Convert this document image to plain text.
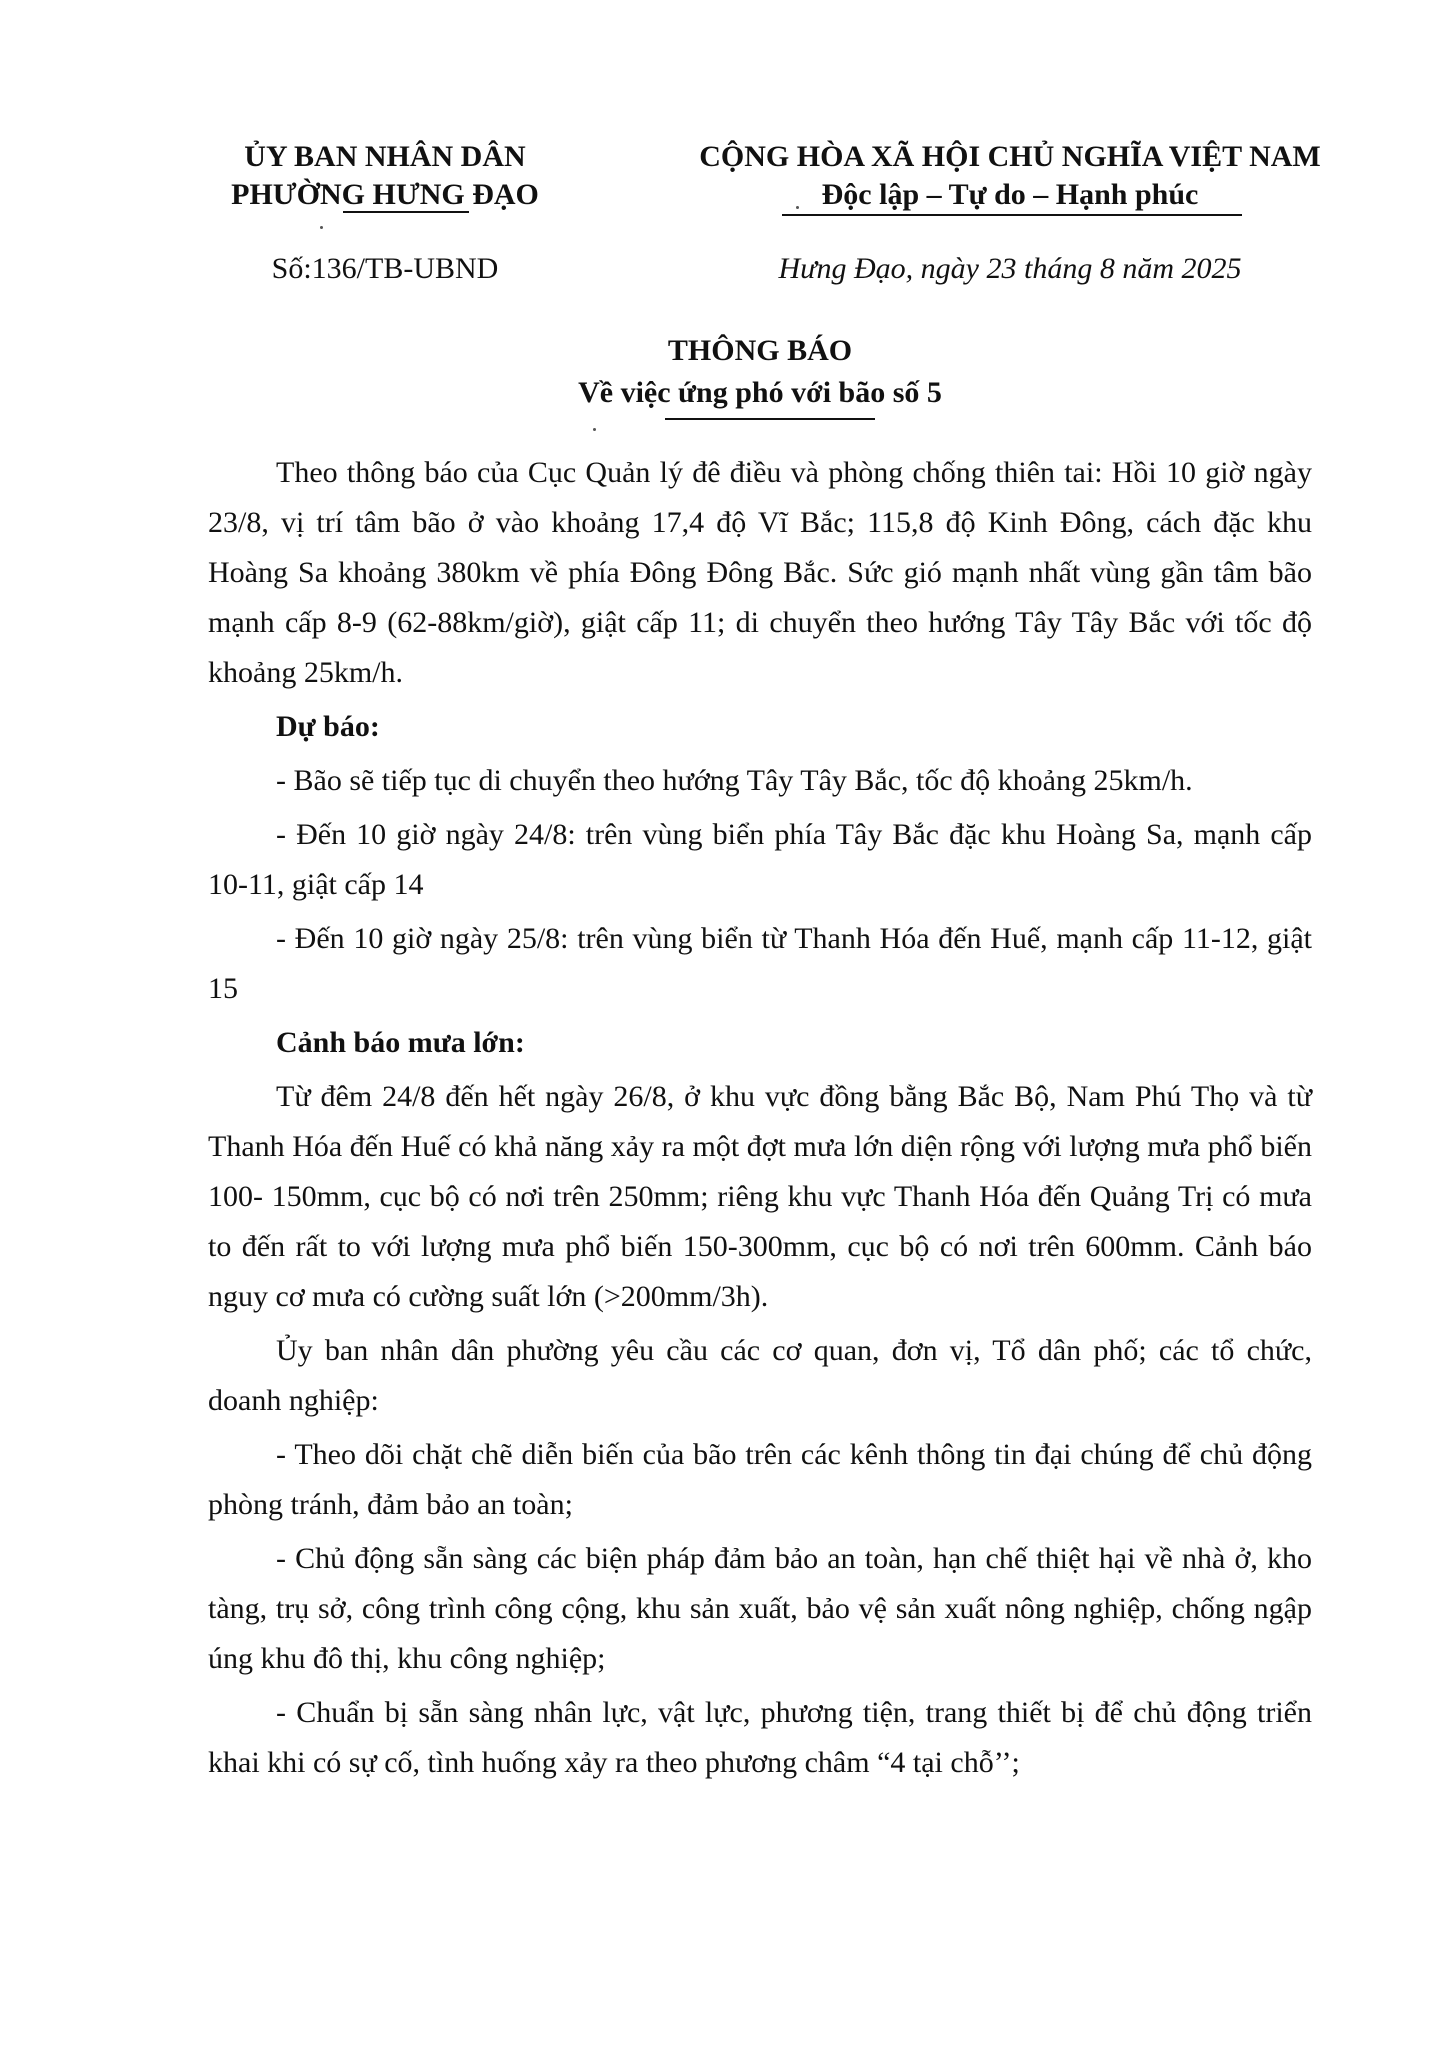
ỦY BAN NHÂN DÂN
PHƯỜNG HƯNG ĐẠO
CỘNG HÒA XÃ HỘI CHỦ NGHĨA VIỆT NAM
Độc lập – Tự do – Hạnh phúc
Số:136/TB-UBND	Hưng Đạo, ngày 23 tháng 8 năm 2025
THÔNG BÁO
Về việc ứng phó với bão số 5

Theo thông báo của Cục Quản lý đê điều và phòng chống thiên tai: Hồi 10 giờ ngày 23/8, vị trí tâm bão ở vào khoảng 17,4 độ Vĩ Bắc; 115,8 độ Kinh Đông, cách đặc khu Hoàng Sa khoảng 380km về phía Đông Đông Bắc. Sức gió mạnh nhất vùng gần tâm bão mạnh cấp 8-9 (62-88km/giờ), giật cấp 11; di chuyển theo hướng Tây Tây Bắc với tốc độ khoảng 25km/h.

Dự báo:

- Bão sẽ tiếp tục di chuyển theo hướng Tây Tây Bắc, tốc độ khoảng 25km/h.

- Đến 10 giờ ngày 24/8: trên vùng biển phía Tây Bắc đặc khu Hoàng Sa, mạnh cấp 10-11, giật cấp 14

- Đến 10 giờ ngày 25/8: trên vùng biển từ Thanh Hóa đến Huế, mạnh cấp 11-12, giật 15

Cảnh báo mưa lớn:

Từ đêm 24/8 đến hết ngày 26/8, ở khu vực đồng bằng Bắc Bộ, Nam Phú Thọ và từ Thanh Hóa đến Huế có khả năng xảy ra một đợt mưa lớn diện rộng với lượng mưa phổ biến 100- 150mm, cục bộ có nơi trên 250mm; riêng khu vực Thanh Hóa đến Quảng Trị có mưa to đến rất to với lượng mưa phổ biến 150-300mm, cục bộ có nơi trên 600mm. Cảnh báo nguy cơ mưa có cường suất lớn (>200mm/3h).

Ủy ban nhân dân phường yêu cầu các cơ quan, đơn vị, Tổ dân phố; các tổ chức, doanh nghiệp:

- Theo dõi chặt chẽ diễn biến của bão trên các kênh thông tin đại chúng để chủ động phòng tránh, đảm bảo an toàn;

- Chủ động sẵn sàng các biện pháp đảm bảo an toàn, hạn chế thiệt hại về nhà ở, kho tàng, trụ sở, công trình công cộng, khu sản xuất, bảo vệ sản xuất nông nghiệp, chống ngập úng khu đô thị, khu công nghiệp;

- Chuẩn bị sẵn sàng nhân lực, vật lực, phương tiện, trang thiết bị để chủ động triển khai khi có sự cố, tình huống xảy ra theo phương châm “4 tại chỗ’’;
